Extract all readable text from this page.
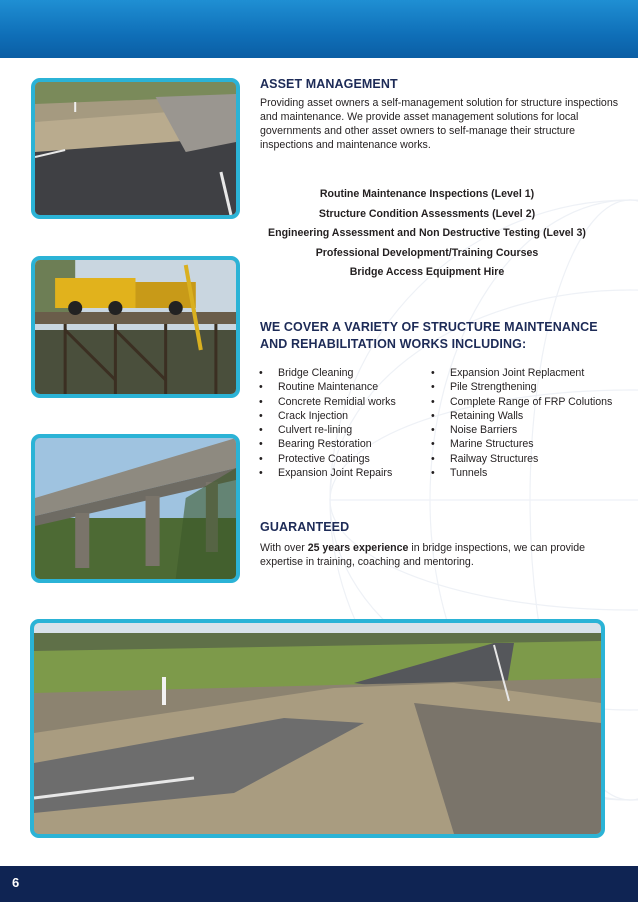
ASSET MANAGEMENT

Providing asset owners a self-management solution for structure inspections and maintenance. We provide asset management solutions for local governments and other asset owners to self-manage their structure inspections and maintenance works.

Routine Maintenance Inspections (Level 1)
Structure Condition Assessments (Level 2)
Engineering Assessment and Non Destructive Testing (Level 3)
Professional Development/Training Courses
Bridge Access Equipment Hire
WE COVER A VARIETY OF STRUCTURE MAINTENANCE
AND REHABILITATION WORKS INCLUDING:
• Bridge Cleaning
• Routine Maintenance
• Concrete Remidial works
• Crack Injection
• Culvert re-lining
• Bearing Restoration
• Protective Coatings
• Expansion Joint Repairs
• Expansion Joint Replacment
• Pile Strengthening
• Complete Range of FRP Colutions
• Retaining Walls
• Noise Barriers
• Marine Structures
• Railway Structures
• Tunnels
GUARANTEED

With over 25 years experience in bridge inspections, we can provide expertise in training, coaching and mentoring.

6
